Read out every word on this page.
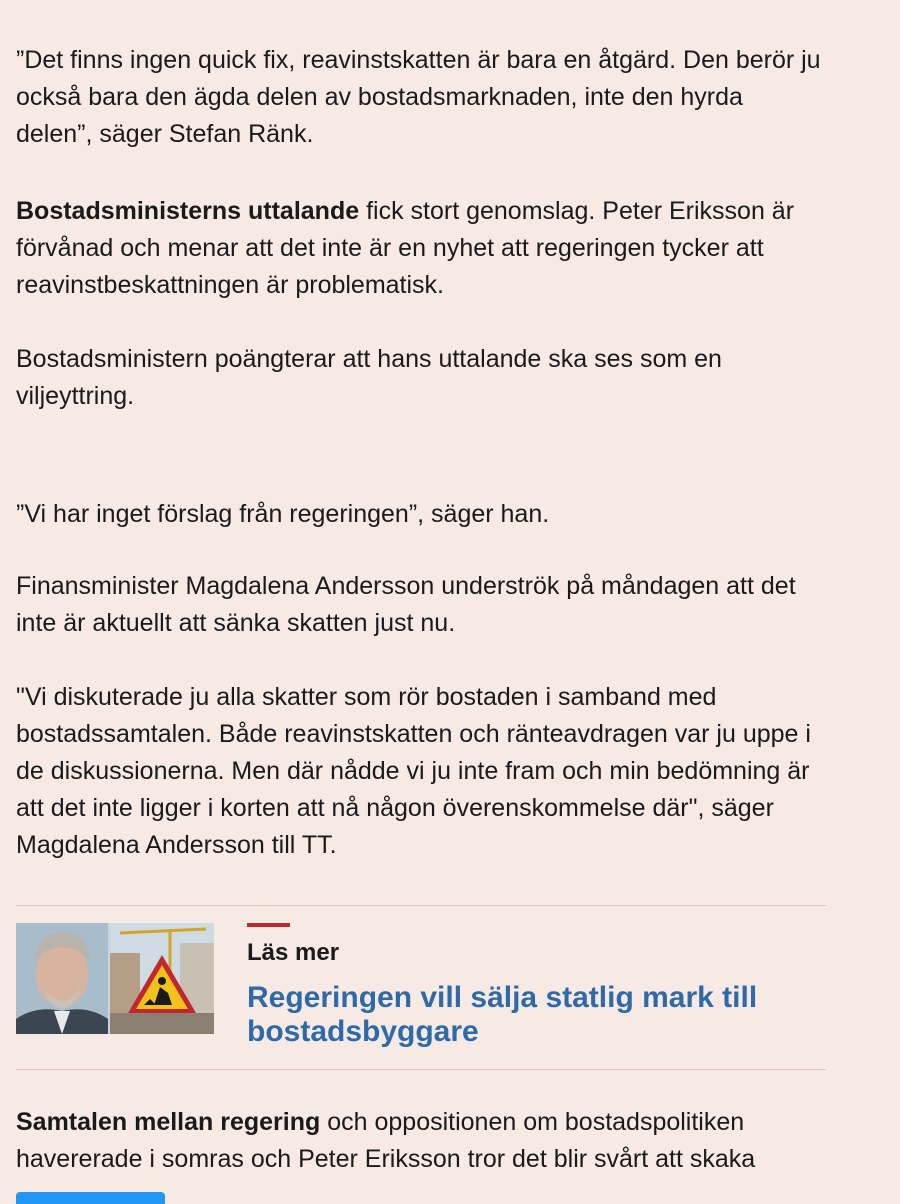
”Det finns ingen quick fix, reavinstskatten är bara en åtgärd. Den berör ju också bara den ägda delen av bostadsmarknaden, inte den hyrda delen”, säger Stefan Ränk.

Bostadsministerns uttalande fick stort genomslag. Peter Eriksson är förvånad och menar att det inte är en nyhet att regeringen tycker att reavinstbeskattningen är problematisk.

Bostadsministern poängterar att hans uttalande ska ses som en viljeyttring.

”Vi har inget förslag från regeringen”, säger han.

Finansminister Magdalena Andersson underströk på måndagen att det inte är aktuellt att sänka skatten just nu.

"Vi diskuterade ju alla skatter som rör bostaden i samband med bostadssamtalen. Både reavinstskatten och ränteavdragen var ju uppe i de diskussionerna. Men där nådde vi ju inte fram och min bedömning är att det inte ligger i korten att nå någon överenskommelse där", säger Magdalena Andersson till TT.

Läs mer

Regeringen vill sälja statlig mark till bostadsbyggare

Samtalen mellan regering och oppositionen om bostadspolitiken havererade i somras och Peter Eriksson tror det blir svårt att skaka
